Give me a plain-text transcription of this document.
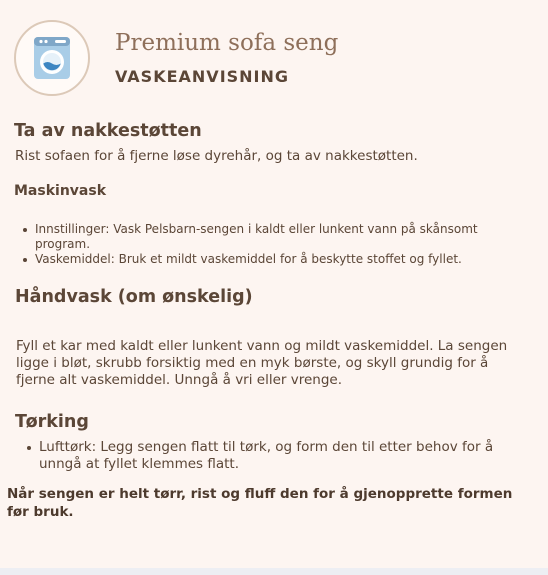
Premium sofa seng
VASKEANVISNING
Ta av nakkestøtten
Rist sofaen for å fjerne løse dyrehår, og ta av nakkestøtten.
Maskinvask
Innstillinger: Vask Pelsbarn-sengen i kaldt eller lunkent vann på skånsomt program.
Vaskemiddel: Bruk et mildt vaskemiddel for å beskytte stoffet og fyllet.
Håndvask (om ønskelig)
Fyll et kar med kaldt eller lunkent vann og mildt vaskemiddel. La sengen ligge i bløt, skrubb forsiktig med en myk børste, og skyll grundig for å fjerne alt vaskemiddel. Unngå å vri eller vrenge.
Tørking
Lufttørk: Legg sengen flatt til tørk, og form den til etter behov for å unngå at fyllet klemmes flatt.
Når sengen er helt tørr, rist og fluff den for å gjenopprette formen før bruk.
